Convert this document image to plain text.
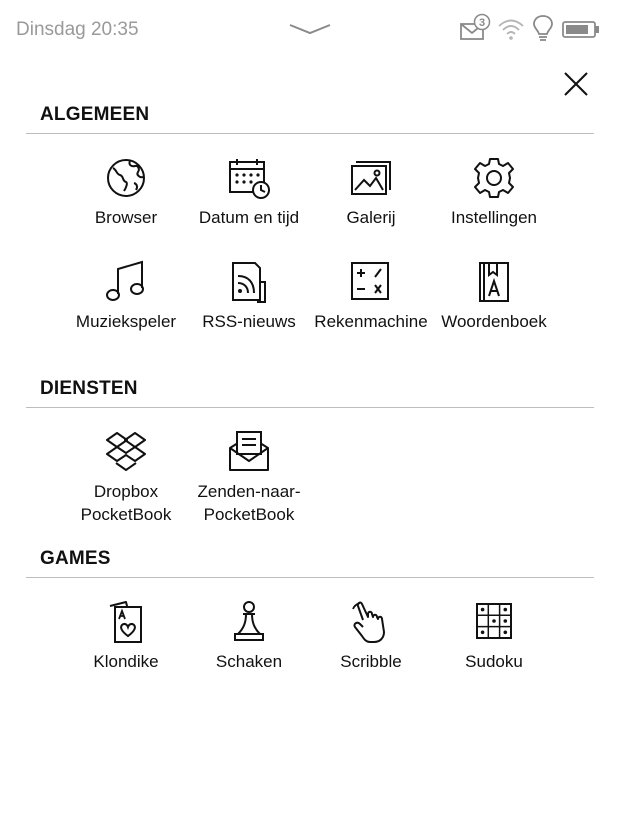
Dinsdag 20:35	3
ALGEMEEN
Browser	Datum en tijd	Galerij	Instellingen
Muziekspeler	RSS-nieuws	Rekenmachine Woordenboek
DIENSTEN
Dropbox
PocketBook
Zenden-naar-
PocketBook
GAMES
Klondike	Schaken	Scribble	Sudoku
